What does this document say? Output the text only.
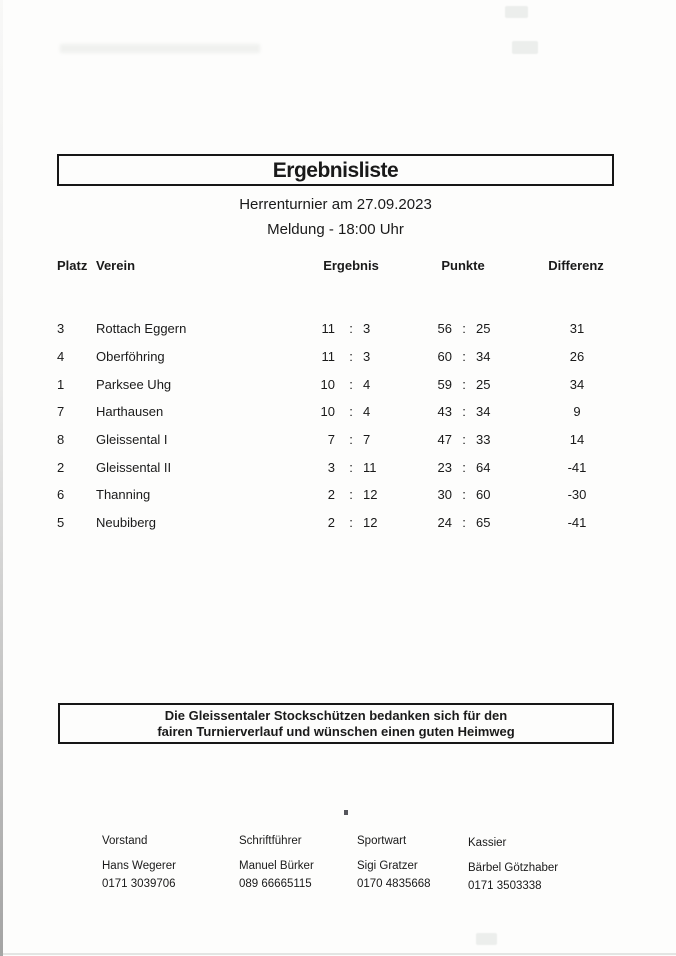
Ergebnisliste
Herrenturnier am 27.09.2023
Meldung - 18:00 Uhr
Platz Verein	Ergebnis	Punkte	Differenz
3 Rottach Eggern	11	: 3	56 : 25	31
4 Oberföhring	11	: 3	60 : 34	26
1 Parksee Uhg	10	: 4	59 : 25	34
7 Harthausen	10	: 4	43 : 34	9
8 Gleissental I	7	: 7	47 : 33	14
2 Gleissental II	3	: 11	23 : 64	-41
6 Thanning	2	: 12	30 : 60	-30
5 Neubiberg	2	: 12	24 : 65	-41
Die Gleissentaler Stockschützen bedanken sich für den
fairen Turnierverlauf und wünschen einen guten Heimweg
Vorstand
Hans Wegerer
0171 3039706
Schriftführer
Manuel Bürker
089 66665115
Sportwart
Sigi Gratzer
0170 4835668
Kassier
Bärbel Götzhaber
0171 3503338
